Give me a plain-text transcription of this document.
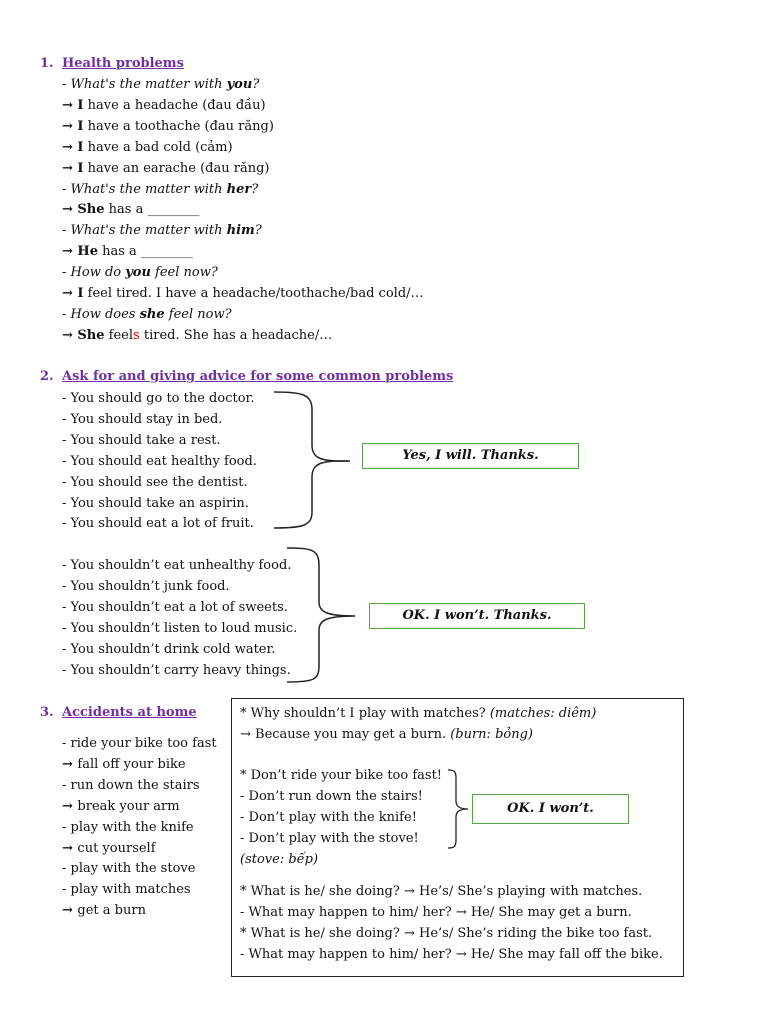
1. Health problems
- What's the matter with you?
→ I have a headache (đau đầu)
→ I have a toothache (đau răng)
→ I have a bad cold (cảm)
→ I have an earache (đau răng)
- What's the matter with her?
→ She has a ________
- What's the matter with him?
→ He has a ________
- How do you feel now?
→ I feel tired. I have a headache/toothache/bad cold/…
- How does she feel now?
→ She feels tired. She has a headache/…
2. Ask for and giving advice for some common problems
- You should go to the doctor.
- You should stay in bed.
- You should take a rest.
- You should eat healthy food.
- You should see the dentist.
- You should take an aspirin.
- You should eat a lot of fruit.
Yes, I will. Thanks.
- You shouldn’t eat unhealthy food.
- You shouldn’t junk food.
- You shouldn’t eat a lot of sweets.
- You shouldn’t listen to loud music.
- You shouldn’t drink cold water.
- You shouldn’t carry heavy things.
OK. I won’t. Thanks.
3. Accidents at home
- ride your bike too fast
→ fall off your bike
- run down the stairs
→ break your arm
- play with the knife
→ cut yourself
- play with the stove
- play with matches
→ get a burn
* Why shouldn’t I play with matches? (matches: diêm)
→ Because you may get a burn. (burn: bỏng)
* Don’t ride your bike too fast!
- Don’t run down the stairs!
- Don’t play with the knife!
- Don’t play with the stove!
(stove: bếp)
OK. I won’t.
* What is he/ she doing? → He’s/ She’s playing with matches.
- What may happen to him/ her? → He/ She may get a burn.
* What is he/ she doing? → He’s/ She’s riding the bike too fast.
- What may happen to him/ her? → He/ She may fall off the bike.
